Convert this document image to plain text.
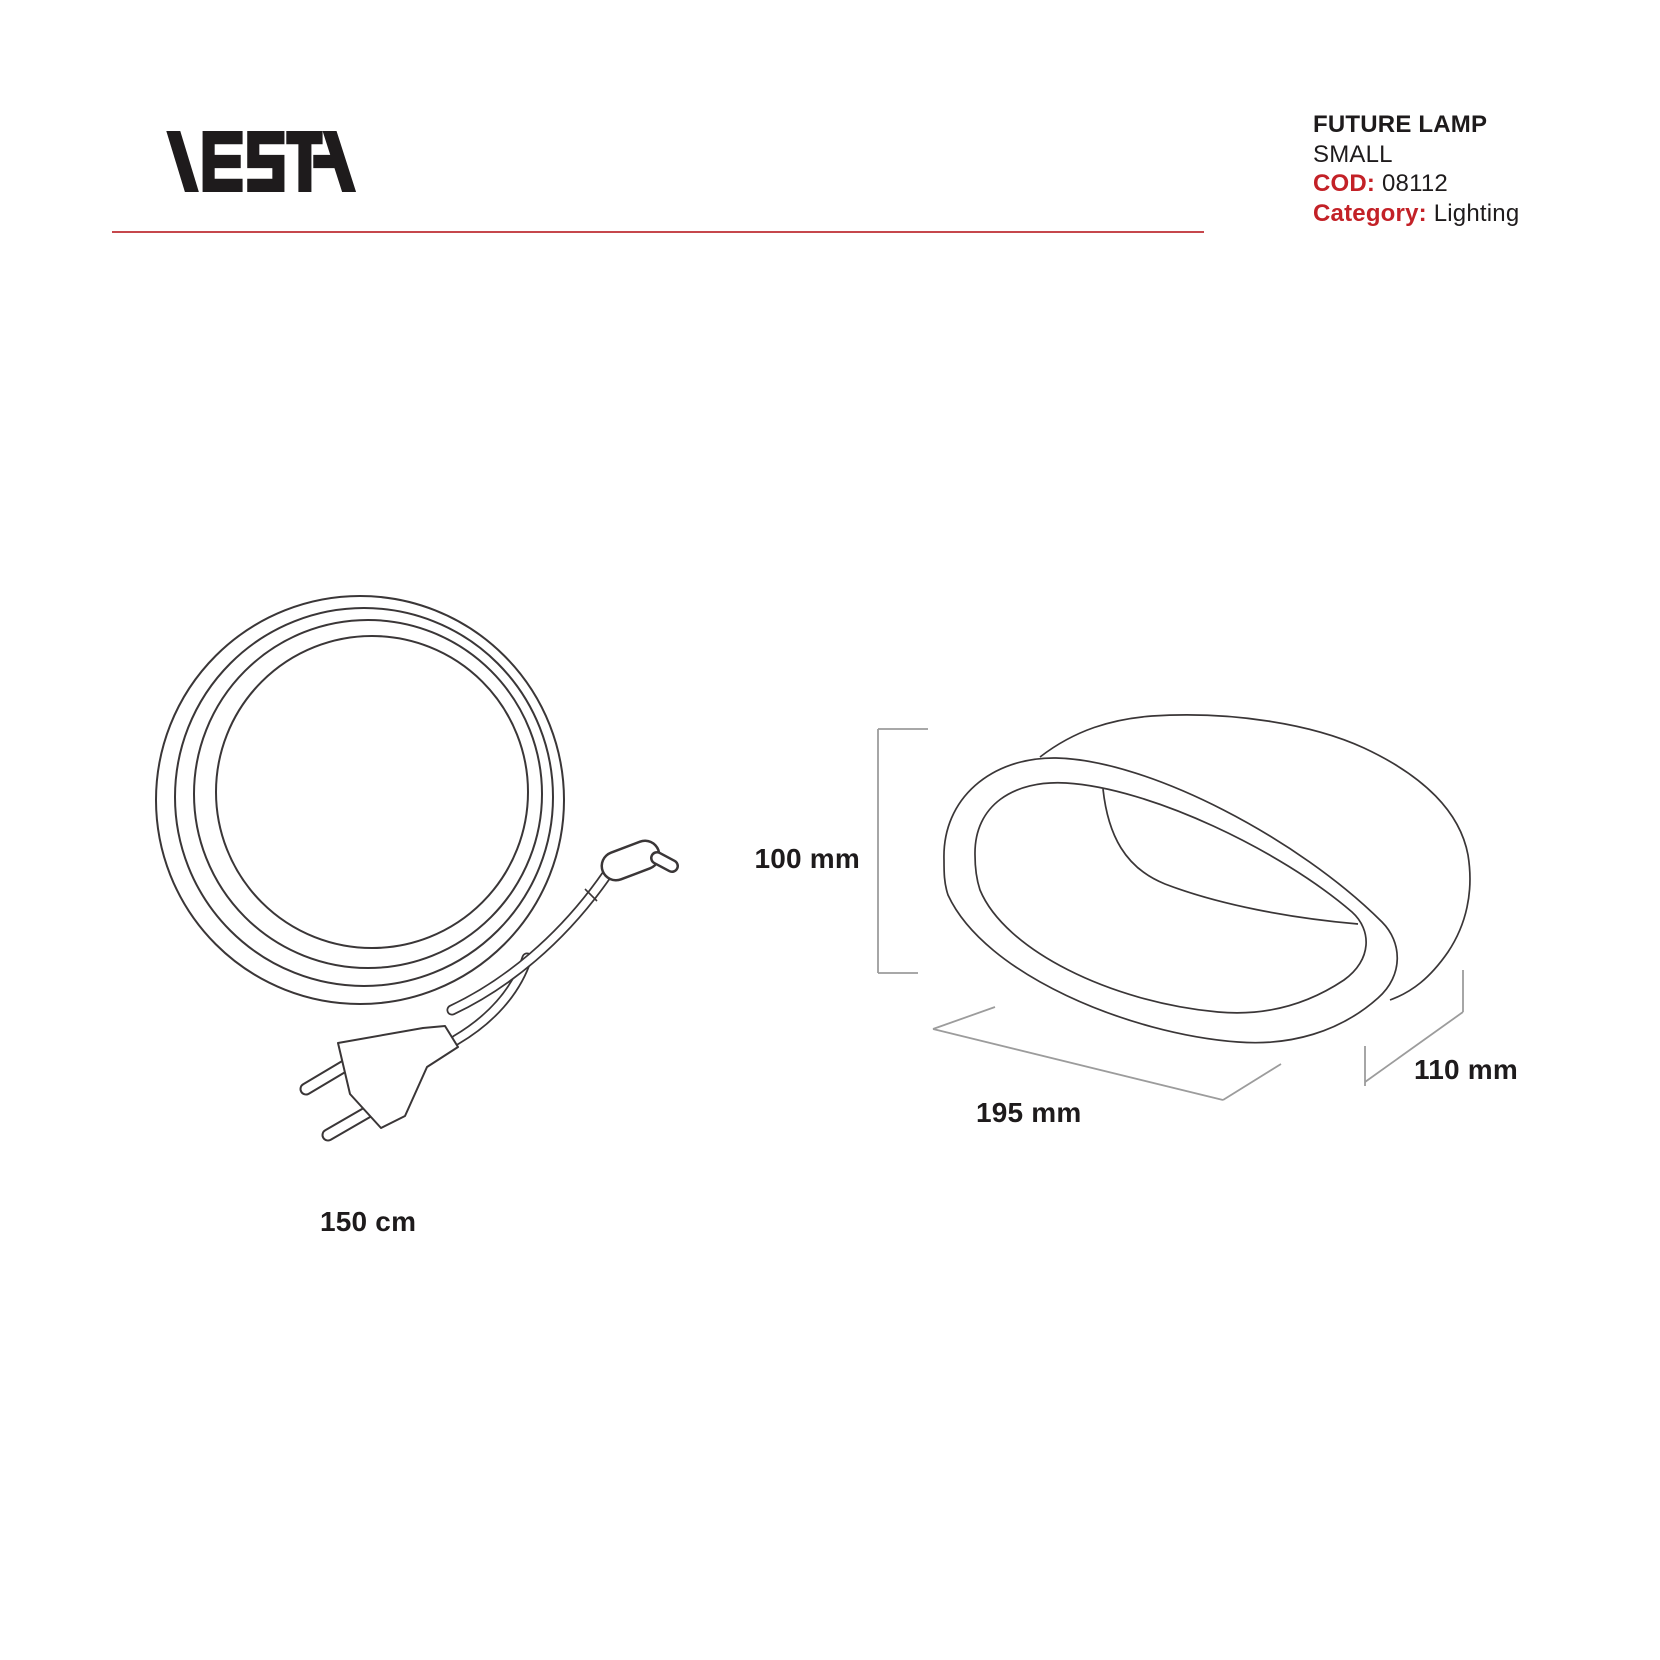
FUTURE LAMP
SMALL
COD: 08112
Category: Lighting
100 mm
195 mm
110 mm
150 cm
